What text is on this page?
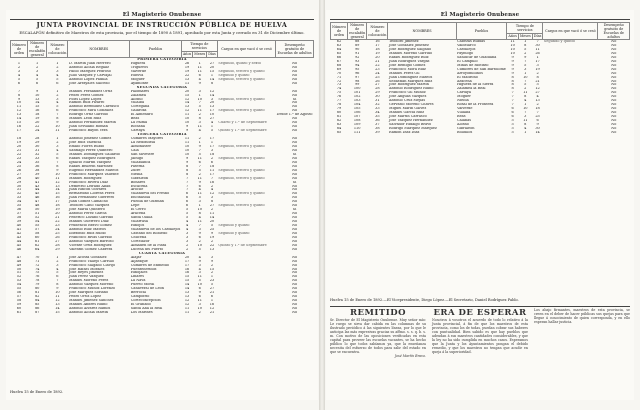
El Magisterio Onubense
JUNTA PROVINCIAL DE INSTRUCCIÓN PÚBLICA DE HUELVA
ESCALAFÓN definitivo de Maestros de esta provincia, por el tiempo de 1890 á 1891, aprobado por esta Junta y cerrado en 31 de Diciembre último.
Número de orden	Número de escalafón general	Número de colocación	NOMBRES	Pueblos	Tiempo de servicios			Cargos en que vacó ó se cesó	Desempeño gratuito de Escuelas de adultos
					Años	Meses	Días		
PRIMERA CATEGORÍA									
1	1	1	D. Martín Juan Herrero	Higuera	26	1	27	Segundo, quinto y sexto	No
2	2	2	Antonio Alcalá Regaliz	Trigueros	19	11	20		No
3	3	3	Pablo Márquez Pedroso	Valverde	19	11	15	Segundo, tercero y quinto	No
4	4	4	Julio Vázquez y Carvajal	Huelva	22	6	1	Segundo y quinto	No
5	5	5	Antonio López Padilla	Moguer	13	4	14	Segundo, tercero y quinto	No
6	6	6	José Arrayales Salcedo	Ayamonte	11	9	8		No
SEGUNDA CATEGORÍA									
7	9	1	Manuel Fernández Ortiz	Palomares	20	3	12		No
8	10	2	Pedro Pérez Gómez	Zalamea	15	1	14		No
9	13	3	Fidel López López	Alosno	12	10	3	Segundo, tercero y quinto	Sí
10	14	4	Ramón Ruíz Pizarro	Villalba	14	7	20		No
11	15	5	Antonio Bermúdez Carrasco	Cortegana	13	5	13		No
12	16	6	Francisco Mira González	Galaroza	12	11	17	Segundo, tercero y quinto	No
13	18	7	Rodrigo Ortiz Garrido	El Almendro	11	2	10		Desde 1.º de Agosto
14	19	8	Manuel León Ruíz	Beas	10	8	27		No
15	20	9	Antonio Fernández Martín	La Palma	10	3	4	Cuarto y 1.º de Septiembre	No
16	22	10	Juan Sevillano Román	Rociana	9	11	1		No
17	24	11	Francisco Bayón Vera	Cartaya	9	4	5	Quinto y 1.º de Septiembre	No
TERCERA CATEGORÍA									
18	28	1	Antonio Jiménez Gómez	Cumbres Mayores	11	2	17		No
19	29	2	José Ruíz Valencia	La Redondela	11	1	1		No
20	30	3	Emilio Flores Rubio	Almonaster	10	9	17	Segundo, tercero y quinto	No
21	31	4	Santiago Pérez Quintero	Cala	10	7	3		No
22	32	5	Manuel Domínguez Gallardo	San Silvestre	10	5	18		Sí
23	33	6	Rafael Vázquez Rodríguez	Jabugo	9	11	2	Segundo, tercero y quinto	No
24	35	7	Ignacio Martín Vázquez	Villablanca	9	6	6		No
25	36	8	Rafael Bellerín Martínez	Paterna	8	7	18		No
26	38	9	Eugenio Hernández Mateos	Zufre	8	5	11	Segundo, tercero y quinto	No
27	39	10	Francisco Márquez Valiente	Niebla	8	2	17		No
28	40	11	Manuel Rodríguez	Gibraleón	7	11	7	Segundo, tercero y quinto	No
29	41	12	Francisco Rivera Díaz	Bonares	7	9	16		Sí
30	43	13	Demetrio Leirado Abad	Escacena	7	6	2		No
31	44	14	Juan Rincón Olivares	Aroche	7	4	4		No
32	45	15	Bernardino Llorens Pérez	Villanueva del Fresno	6	11	12	Segundo, tercero y quinto	No
33	46	16	Juan Fernández Guerrero	Encinasola	6	5	3		No
34	47	17	Juan Gómez Camacho	Puebla de Guzmán	6	3	8		No
35	48	18	Teodoro Cano Vázquez	Lepe	6	1	27	Segundo, tercero y quinto	No
36	50	19	José María Quintero	El Cerro	5	10	2		Sí
37	51	20	Antonio Pérez García	Aracena	5	8	11		No
38	52	21	Federico Lozano Garrido	Santa Olalla	5	4	14		No
39	54	22	Manuel Guerrero Díaz	Villarrasa	4	11	20		No
40	55	23	Prudencio Bravo Gómez	Hinojos	4	7	5	Segundo y quinto	No
41	57	24	Antonio Ruíz Mateos	Villanueva de los Castillejos	4	3	25		No
42	58	25	Ildefonso Ruíz Rubio	Castaño del Robledo	3	9	9	Segundo y quinto	No
43	60	26	Francisco Rivas Garrido	Chucena	3	6	19		No
44	61	27	Antonio Vázquez Barroso	Cortelazor	3	2	2		No
45	62	28	Vicente Ortiz Rodríguez	Almadén de la Plata	2	10	22	Quinto y 1.º de Septiembre	No
46	64	29	Valentín Gómez Cabrera	Lucena del Puerto	2	5	13		No
CUARTA CATEGORÍA									
47	70	1	José Acosta González	Alájar	20	4	3		No
48	71	2	Francisco Vallejo Carrillo	Aljaraque	17	9	9		No
49	72	3	Francisco Salgado Clavijo	Cumbres de Enmedio	17	3	2		No
50	74	4	José Rafael Morales	Fuenteheridos	16	4	15		No
51	75	5	José Reyes Jiménez	Hinojales	16	3	2		No
52	76	6	Juan Pérez Vázquez	Linares	15	11	1		No
53	78	7	Manuel Moreno Pérez	La Nava	15	5	23		No
54	79	8	Antonio Vázquez Moreno	Puerto Moral	14	10	5		No
55	80	9	Francisco Muñoz Lorenzo	Cañaveral de León	14	6	27		No
56	81	10	José Márquez Soriano	Berrocal	13	9	21		No
57	82	11	Pedro Ortiz López	Campofrío	13	6	6		No
58	84	12	Manuel Jiménez Sánchez	Corteconcepción	12	11	1		No
59	85	13	Manuel Andrés Rubio	El Granado	12	3	16		No
60	86	14	Antonio Álvarez Ramos	Santa Ana la Real	11	10	12		No
61	87	15	Antonio Alcalá Martín	Los Marines	11	2	21		No
Huelva 15 de Enero de 1892.
El Magisterio Onubense
Número de orden	Número de escalafón general	Número de colocación	NOMBRES	Pueblos	Tiempo de servicios			Cargos en que vacó ó se cesó	Desempeño gratuito de Escuelas de adultos
					Años	Meses	Días		
62	88	16	Teodoro Jiménez	Cabezas Rubias	11	1	7	Segundo y quinto	No
63	89	17	José González Jiménez	Valdelarco	10	8	30		No
64	90	18	José Rodríguez Salgado	Castillejos	10	5	11		No
65	91	19	Manuel Moreno Garrido	Paymogo	10	2	26		No
66	92	20	Rafael Rodríguez Ruíz	Sanlúcar de Guadiana	9	9	1		No
67	93	21	Juan Rodríguez Vargas	El Campillo	9	7	17		No
68	94	22	José Remigio Gómez	Minas de Riotinto	9	5	3		No
69	95	23	Francisco Mora Ruíz	Cumbres de San Bartolomé	9	3	19		No
70	96	24	Manuel Pérez Gil	Arroyomolinos	9	1	2		No
71	97	25	Juan Domínguez Mateos	El Madroño	8	10	8		No
72	98	26	Sebastián Márquez Ruíz	Aracena	8	7	21		No
73	99	27	José Rodríguez Martín	Higuera de la Sierra	8	5	5		No
74	100	28	Antonio Rodríguez Rubio	Zalamea la Real	8	2	12		No
75	101	29	Francisco Gil Muñoz	Cartaya	7	11	27		No
76	102	30	José Anguas Vázquez	Moguer	7	8	4		No
77	103	31	Antonio Cruz Mejías	Niebla	7	4	13		No
78	104	32	Gervasio Moreno Chaves	Rosal de la Frontera	7	1	2		No
79	105	33	Miguel Marín Gálvez	Valverde	6	10	18		No
80	106	34	Manuel García Ruíz	Villalba	6	7	7		No
81	107	35	José Martín Carrasco	Beas	6	3	25		No
82	108	36	José Vázquez Hernández	Calañas	5	11	6		No
83	109	37	Salvador Hidalgo Bravo	Alosno	5	8	9		No
84	110	38	Rodrigo Márquez Márquez	Gibraleón	5	4	30		No
85	111	39	Ramón Díaz Díaz	Bollullos	5	1	14		No
Huelva 15 de Enero de 1892.—El Vicepresidente, Diego López.—El Secretario, Daniel Rodríguez Pablo.
REMITIDO
Sr. Director de El Magisterio Onubense. Muy señor mío: Le ruego se sirva dar cabida en las columnas de su ilustrado periódico á las siguientes líneas, por lo que le anticipa las más expresivas gracias su affmo. s. s. q. b. s. m. Con motivo de las oposiciones verificadas en esta capital para proveer las escuelas vacantes, se ha hecho público lo que todos sabíamos ya, que la enseñanza necesita del esfuerzo de todos para salir del estado en que se encuentra.
José Martín Bravo.
ERA DE ESPERAR
Nosotros á vosotros el acuerdo de todo lo relativo á la Junta provincial, á fin de que los maestros de esta provincia, como los de todas, puedan cobrar sus haberes con puntualidad. Bien sabido es que hay pueblos que adeudan á sus maestros cantidades considerables, y que la ley no ha sido cumplida en muchos casos. Esperamos que la Junta y los Ayuntamientos pongan el debido remedio, y que los maestros no tengan que acudir en queja á la superioridad.
Los abajo firmantes, maestros de esta provincia, se creen en el deber de hacer públicas sus quejas para que llegue á conocimiento de quien corresponda, y en ello esperan hallar justicia.
